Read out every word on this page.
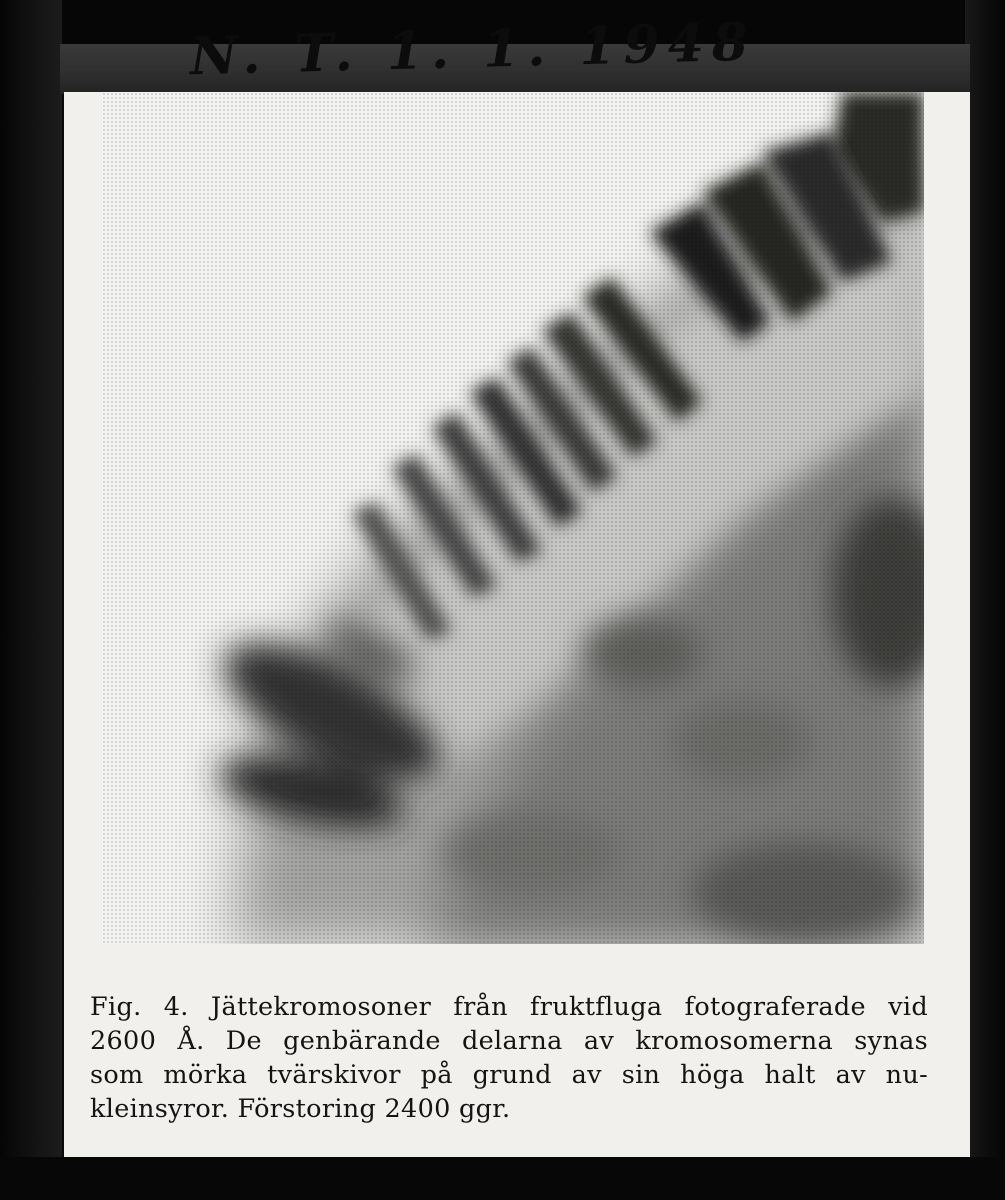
N. T. 1. 1. 1948
Fig. 4. Jättekromosoner från fruktfluga fotograferade vid
2600 Å. De genbärande delarna av kromosomerna synas
som mörka tvärskivor på grund av sin höga halt av nu-
kleinsyror. Förstoring 2400 ggr.
